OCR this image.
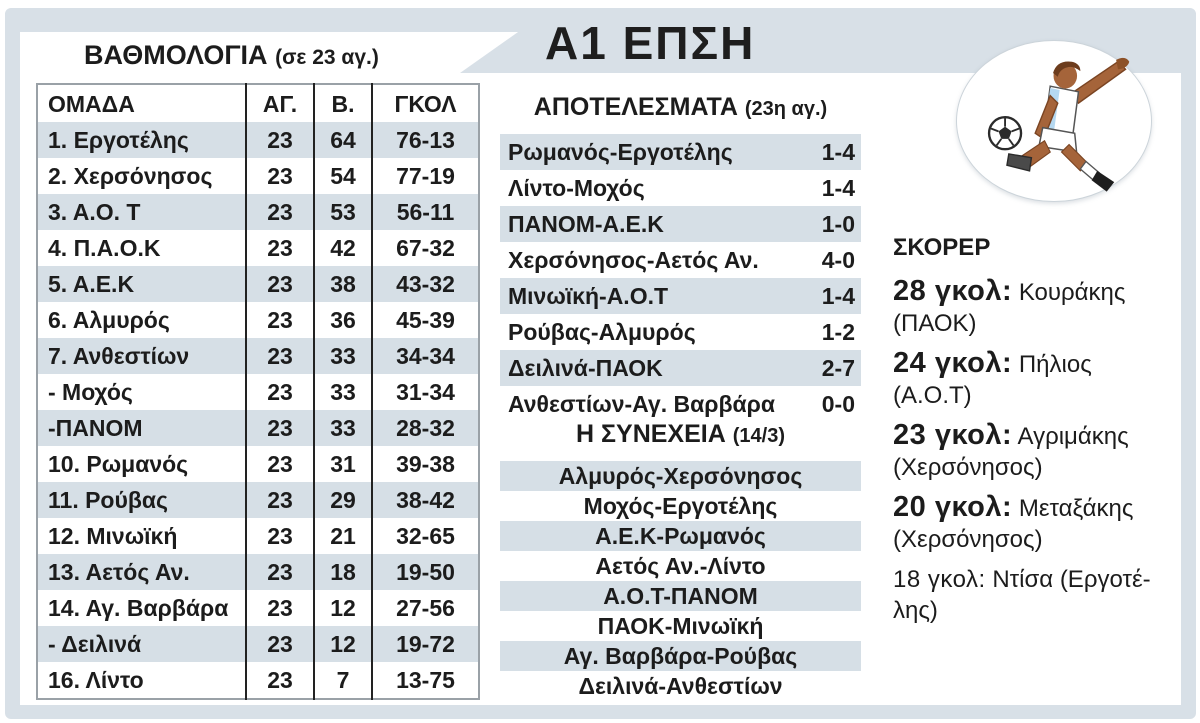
Α1 ΕΠΣΗ
ΒΑΘΜΟΛΟΓΙΑ (σε 23 αγ.)
ΟΜΑΔΑ	ΑΓ.	Β.	ΓΚΟΛ
1. Εργοτέλης	23	64	76-13
2. Χερσόνησος	23	54	77-19
3. Α.Ο. Τ	23	53	56-11
4. Π.Α.Ο.Κ	23	42	67-32
5. Α.Ε.Κ	23	38	43-32
6. Αλμυρός	23	36	45-39
7. Ανθεστίων	23	33	34-34
- Μοχός	23	33	31-34
-ΠΑΝΟΜ	23	33	28-32
10. Ρωμανός	23	31	39-38
11. Ρούβας	23	29	38-42
12. Μινωϊκή	23	21	32-65
13. Αετός Αν.	23	18	19-50
14. Αγ. Βαρβάρα	23	12	27-56
- Δειλινά	23	12	19-72
16. Λίντο	23	7	13-75
ΑΠΟΤΕΛΕΣΜΑΤΑ (23η αγ.)
Ρωμανός-Εργοτέλης	1-4
Λίντο-Μοχός	1-4
ΠΑΝΟΜ-Α.Ε.Κ	1-0
Χερσόνησος-Αετός Αν.	4-0
Μινωϊκή-Α.Ο.Τ	1-4
Ρούβας-Αλμυρός	1-2
Δειλινά-ΠΑΟΚ	2-7
Ανθεστίων-Αγ. Βαρβάρα 0-0
Η ΣΥΝΕΧΕΙΑ (14/3)
Αλμυρός-Χερσόνησος
Μοχός-Εργοτέλης
Α.Ε.Κ-Ρωμανός
Αετός Αν.-Λίντο
Α.Ο.Τ-ΠΑΝΟΜ
ΠΑΟΚ-Μινωϊκή
Αγ. Βαρβάρα-Ρούβας
Δειλινά-Ανθεστίων
ΣΚΟΡΕΡ
28 γκολ: Κουράκης
(ΠΑΟΚ)
24 γκολ: Πήλιος
(Α.Ο.Τ)
23 γκολ: Αγριμάκης
(Χερσόνησος)
20 γκολ: Μεταξάκης
(Χερσόνησος)
18 γκολ: Ντίσα (Εργοτέ-
λης)
